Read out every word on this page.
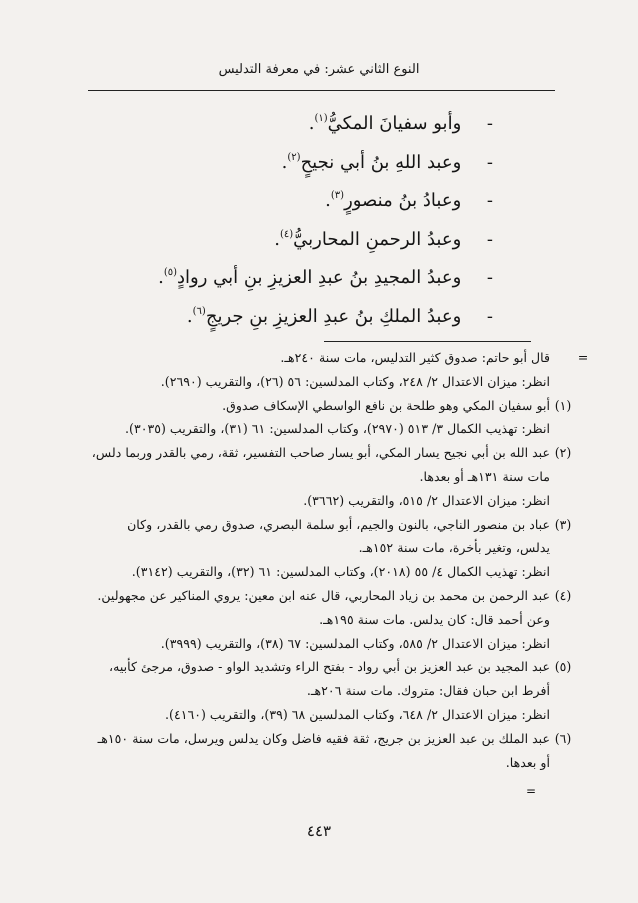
النوع الثاني عشر: في معرفة التدليس
- وأبو سفيانَ المكيُّ$^{(١)}$.
- وعبد اللهِ بنُ أبي نجيحٍ$^{(٢)}$.
- وعبادُ بنُ منصورٍ$^{(٣)}$.
- وعبدُ الرحمنِ المحاربيُّ$^{(٤)}$.
- وعبدُ المجيدِ بنُ عبدِ العزيزِ بنِ أبي روادٍ$^{(٥)}$.
- وعبدُ الملكِ بنُ عبدِ العزيزِ بنِ جريجٍ$^{(٦)}$.
=
قال أبو حاتم: صدوق كثير التدليس، مات سنة ٢٤٠هـ.
انظر: ميزان الاعتدال ٢/ ٢٤٨، وكتاب المدلسين: ٥٦ (٢٦)، والتقريب (٢٦٩٠).
(١)
أبو سفيان المكي وهو طلحة بن نافع الواسطي الإسكاف صدوق.
انظر: تهذيب الكمال ٣/ ٥١٣ (٢٩٧٠)، وكتاب المدلسين: ٦١ (٣١)، والتقريب (٣٠٣٥).
(٢)
عبد الله بن أبي نجيح يسار المكي، أبو يسار صاحب التفسير، ثقة، رمي بالقدر وربما دلس،
مات سنة ١٣١هـ أو بعدها.
انظر: ميزان الاعتدال ٢/ ٥١٥، والتقريب (٣٦٦٢).
(٣)
عباد بن منصور الناجي، بالنون والجيم، أبو سلمة البصري، صدوق رمي بالقدر، وكان
يدلس، وتغير بأخرة، مات سنة ١٥٢هـ.
انظر: تهذيب الكمال ٤/ ٥٥ (٢٠١٨)، وكتاب المدلسين: ٦١ (٣٢)، والتقريب (٣١٤٢).
(٤)
عبد الرحمن بن محمد بن زياد المحاربي، قال عنه ابن معين: يروي المناكير عن مجهولين.
وعن أحمد قال: كان يدلس. مات سنة ١٩٥هـ.
انظر: ميزان الاعتدال ٢/ ٥٨٥، وكتاب المدلسين: ٦٧ (٣٨)، والتقريب (٣٩٩٩).
(٥)
عبد المجيد بن عبد العزيز بن أبي رواد - بفتح الراء وتشديد الواو - صدوق، مرجئ كأبيه،
أفرط ابن حبان فقال: متروك. مات سنة ٢٠٦هـ.
انظر: ميزان الاعتدال ٢/ ٦٤٨، وكتاب المدلسين ٦٨ (٣٩)، والتقريب (٤١٦٠).
(٦)
عبد الملك بن عبد العزيز بن جريج، ثقة فقيه فاضل وكان يدلس ويرسل، مات سنة ١٥٠هـ
أو بعدها.
=
٤٤٣
